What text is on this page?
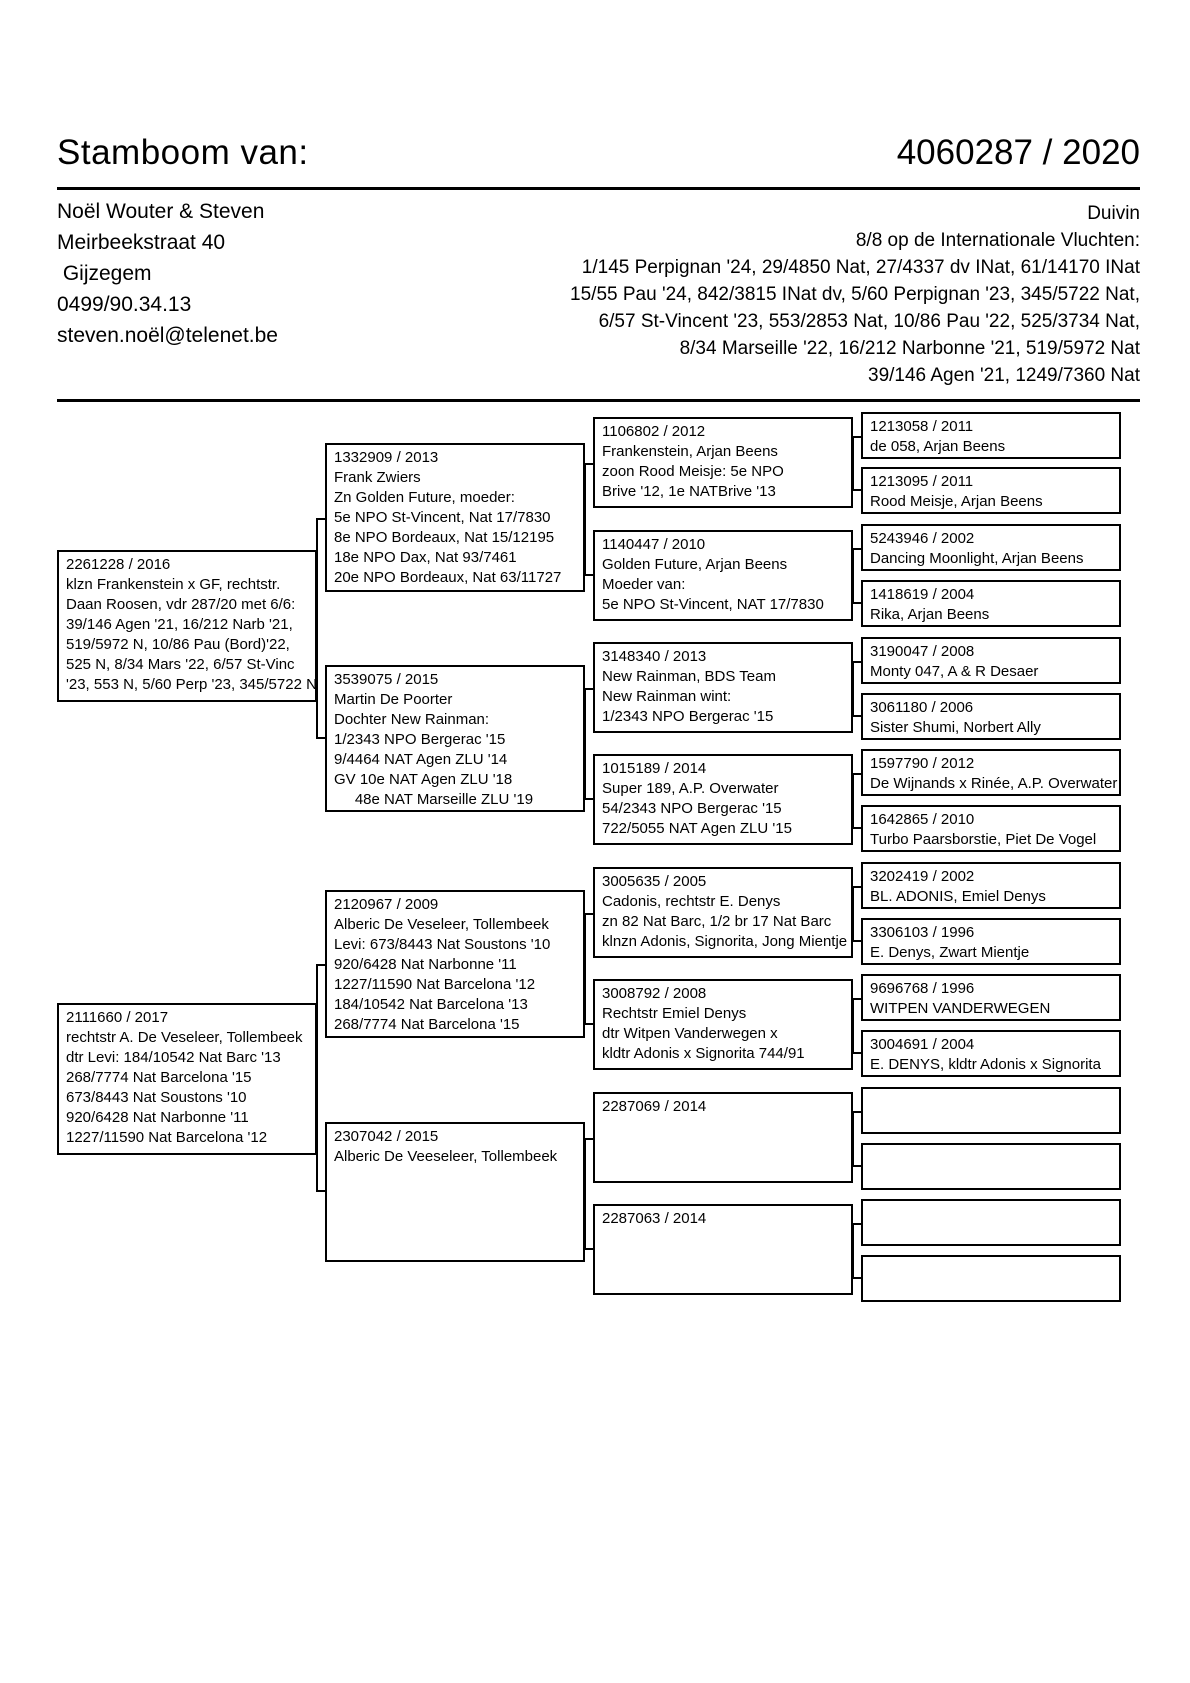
Stamboom van:	4060287 / 2020
Noël Wouter & Steven
Meirbeekstraat 40
Gijzegem
0499/90.34.13
steven.noël@telenet.be
Duivin
8/8 op de Internationale Vluchten:
1/145 Perpignan '24, 29/4850 Nat, 27/4337 dv INat, 61/14170 INat
15/55 Pau '24, 842/3815 INat dv, 5/60 Perpignan '23, 345/5722 Nat,
6/57 St-Vincent '23, 553/2853 Nat, 10/86 Pau '22, 525/3734 Nat,
8/34 Marseille '22, 16/212 Narbonne '21, 519/5972 Nat
39/146 Agen '21, 1249/7360 Nat
2261228 / 2016
klzn Frankenstein x GF, rechtstr.
Daan Roosen, vdr 287/20 met 6/6:
39/146 Agen '21, 16/212 Narb '21,
519/5972 N, 10/86 Pau (Bord)'22,
525 N, 8/34 Mars '22, 6/57 St-Vinc
'23, 553 N, 5/60 Perp '23, 345/5722 N
2111660 / 2017
rechtstr A. De Veseleer, Tollembeek
dtr Levi: 184/10542 Nat Barc '13
268/7774 Nat Barcelona '15
673/8443 Nat Soustons '10
920/6428 Nat Narbonne '11
1227/11590 Nat Barcelona '12
1332909 / 2013
Frank Zwiers
Zn Golden Future, moeder:
5e NPO St-Vincent, Nat 17/7830
8e NPO Bordeaux, Nat 15/12195
18e NPO Dax, Nat 93/7461
20e NPO Bordeaux, Nat 63/11727
3539075 / 2015
Martin De Poorter
Dochter New Rainman:
1/2343 NPO Bergerac '15
9/4464 NAT Agen ZLU '14
GV 10e NAT Agen ZLU '18
48e NAT Marseille ZLU '19
2120967 / 2009
Alberic De Veseleer, Tollembeek
Levi: 673/8443 Nat Soustons '10
920/6428 Nat Narbonne '11
1227/11590 Nat Barcelona '12
184/10542 Nat Barcelona '13
268/7774 Nat Barcelona '15
2307042 / 2015
Alberic De Veeseleer, Tollembeek
1106802 / 2012
Frankenstein, Arjan Beens
zoon Rood Meisje: 5e NPO
Brive '12, 1e NATBrive '13
1140447 / 2010
Golden Future, Arjan Beens
Moeder van:
5e NPO St-Vincent, NAT 17/7830
3148340 / 2013
New Rainman, BDS Team
New Rainman wint:
1/2343 NPO Bergerac '15
1015189 / 2014
Super 189, A.P. Overwater
54/2343 NPO Bergerac '15
722/5055 NAT Agen ZLU '15
3005635 / 2005
Cadonis, rechtstr E. Denys
zn 82 Nat Barc, 1/2 br 17 Nat Barc
klnzn Adonis, Signorita, Jong Mientje
3008792 / 2008
Rechtstr Emiel Denys
dtr Witpen Vanderwegen x
kldtr Adonis x Signorita 744/91
2287069 / 2014
2287063 / 2014
1213058 / 2011
de 058, Arjan Beens
1213095 / 2011
Rood Meisje, Arjan Beens
5243946 / 2002
Dancing Moonlight, Arjan Beens
1418619 / 2004
Rika, Arjan Beens
3190047 / 2008
Monty 047, A & R Desaer
3061180 / 2006
Sister Shumi, Norbert Ally
1597790 / 2012
De Wijnands x Rinée, A.P. Overwater
1642865 / 2010
Turbo Paarsborstie, Piet De Vogel
3202419 / 2002
BL. ADONIS, Emiel Denys
3306103 / 1996
E. Denys, Zwart Mientje
9696768 / 1996
WITPEN VANDERWEGEN
3004691 / 2004
E. DENYS, kldtr Adonis x Signorita
